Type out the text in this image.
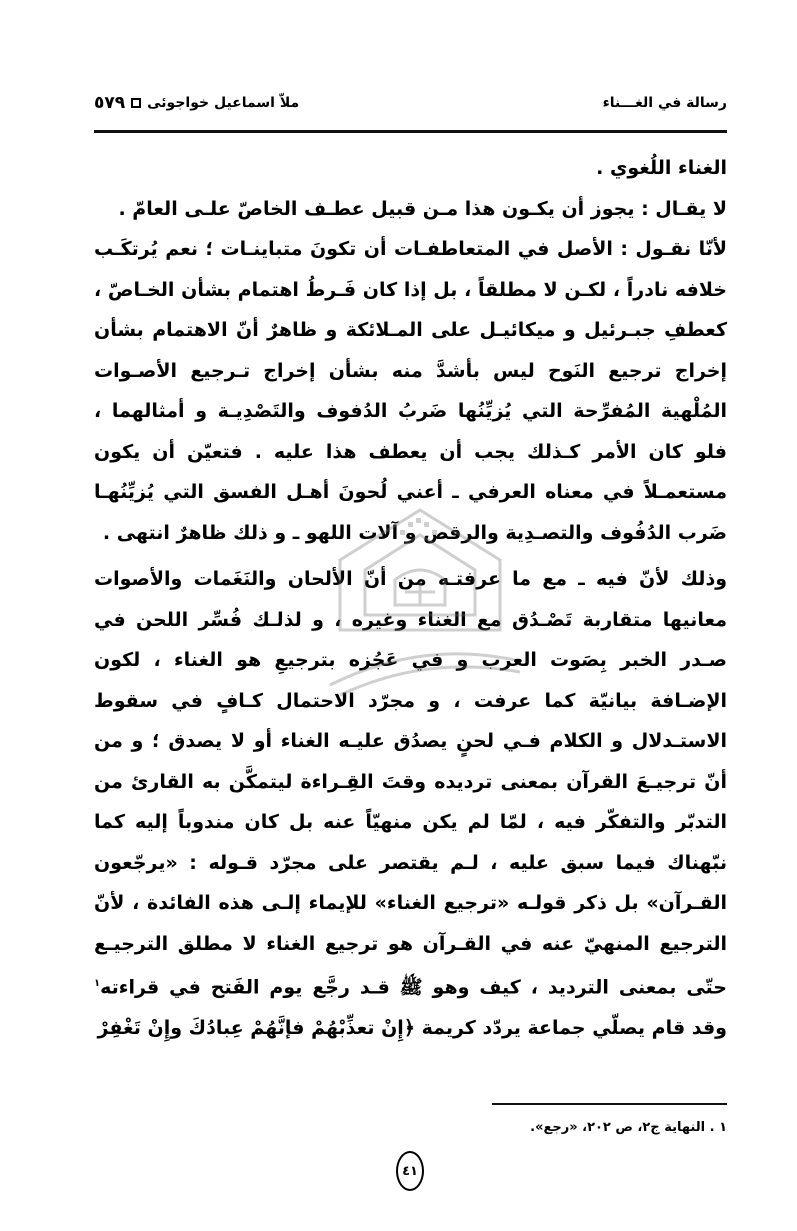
رسالة في الغـــناء
ملاّ اسماعيل خواجوئى
٥٧٩

الغناء اللُغوي .

لا يقـال : يجوز أن يكـون هذا مـن قبيل عطـف الخاصّ علـى العامّ .

لأنّا نقـول : الأصل في المتعاطفـات أن تكونَ متباينـات ؛ نعم يُرتكَـب خلافه نادراً ، لكـن لا مطلقاً ، بل إذا كان فَـرطُ اهتمام بشأن الخـاصّ ، كعطفِ جبـرئيل و ميكائيـل على المـلائكة و ظاهرٌ أنّ الاهتمام بشأن إخراج ترجيع النَوح ليس بأشدَّ منه بشأن إخراج تـرجيع الأصـوات المُلْهية المُفرِّحة التي يُزيِّنُها ضَربُ الدُفوف والتَصْدِيـة و أمثالهما ، فلو كان الأمر كـذلك يجب أن يعطف هذا عليه . فتعيّن أن يكون مستعمـلاً في معناه العرفي ـ أعني لُحونَ أهـل الفسق التي يُزيِّنُهـا ضَرب الدُفُوف والتصـدِية والرقص و آلات اللهو ـ و ذلك ظاهرٌ انتهى .

وذلك لأنّ فيه ـ مع ما عرفتـه من أنّ الألحان والنَغَمات والأصوات معانيها متقاربة تَصْـدُق مع الغناء وغيره ، و لذلـك فُسِّر اللحن في صـدر الخبر بِصَوت العرب و في عَجُزه بترجيعِ هو الغناء ، لكون الإضـافة بيانيّة كما عرفت ، و مجرّد الاحتمال كـافٍ في سقوط الاستـدلال و الكلام فـي لحنٍ يصدُق عليـه الغناء أو لا يصدق ؛ و من أنّ ترجيـعَ القرآن بمعنى ترديده وقتَ القِـراءة ليتمكَّن به القارئ من التدبّر والتفكّر فيه ، لمّا لم يكن منهيّاً عنه بل كان مندوباً إليه كما نبّهناك فيما سبق عليه ، لـم يقتصر على مجرّد قـوله : «يرجّعون القـرآن» بل ذكر قولـه «ترجيع الغناء» للإيماء إلـى هذه الفائدة ، لأنّ الترجيع المنهيّ عنه في القـرآن هو ترجيع الغناء لا مطلق الترجيـع حتّى بمعنى الترديد ، كيف وهو ﷺ قـد رجَّع يوم الفَتح في قراءته$^١$ وقد قام يصلّي جماعة يردّد كريمة ﴿إِنْ تعذِّبْهُمْ فإنَّهُمْ عِبادُكَ وإِنْ تَغْفِرْ

١ . النهاية ج٢، ص ٢٠٢، «رجع».
٤١
